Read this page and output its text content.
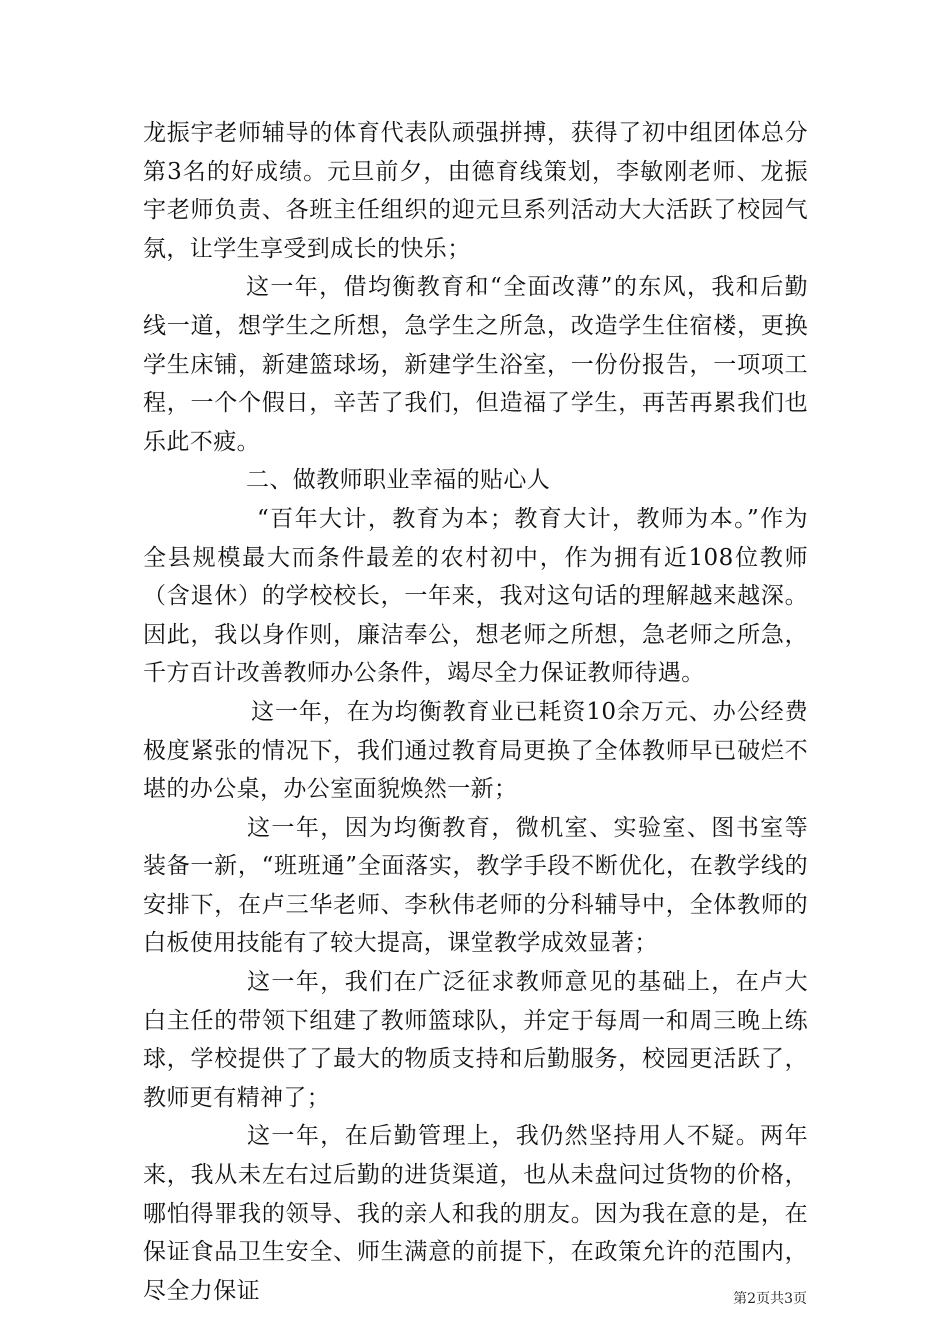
龙振宇老师辅导的体育代表队顽强拼搏，获得了初中组团体总分第3名的好成绩。元旦前夕，由德育线策划，李敏刚老师、龙振宇老师负责、各班主任组织的迎元旦系列活动大大活跃了校园气氛，让学生享受到成长的快乐；

这一年，借均衡教育和“全面改薄”的东风，我和后勤线一道，想学生之所想，急学生之所急，改造学生住宿楼，更换学生床铺，新建篮球场，新建学生浴室，一份份报告，一项项工程，一个个假日，辛苦了我们，但造福了学生，再苦再累我们也乐此不疲。

二、做教师职业幸福的贴心人

“百年大计，教育为本；教育大计，教师为本。”作为全县规模最大而条件最差的农村初中，作为拥有近108位教师（含退休）的学校校长，一年来，我对这句话的理解越来越深。因此，我以身作则，廉洁奉公，想老师之所想，急老师之所急，千方百计改善教师办公条件，竭尽全力保证教师待遇。

这一年，在为均衡教育业已耗资10余万元、办公经费极度紧张的情况下，我们通过教育局更换了全体教师早已破烂不堪的办公桌，办公室面貌焕然一新；

这一年，因为均衡教育，微机室、实验室、图书室等装备一新，“班班通”全面落实，教学手段不断优化，在教学线的安排下，在卢三华老师、李秋伟老师的分科辅导中，全体教师的白板使用技能有了较大提高，课堂教学成效显著；

这一年，我们在广泛征求教师意见的基础上，在卢大白主任的带领下组建了教师篮球队，并定于每周一和周三晚上练球，学校提供了了最大的物质支持和后勤服务，校园更活跃了，教师更有精神了；

这一年，在后勤管理上，我仍然坚持用人不疑。两年来，我从未左右过后勤的进货渠道，也从未盘问过货物的价格，哪怕得罪我的领导、我的亲人和我的朋友。因为我在意的是，在保证食品卫生安全、师生满意的前提下，在政策允许的范围内，尽全力保证	第2页共3页
